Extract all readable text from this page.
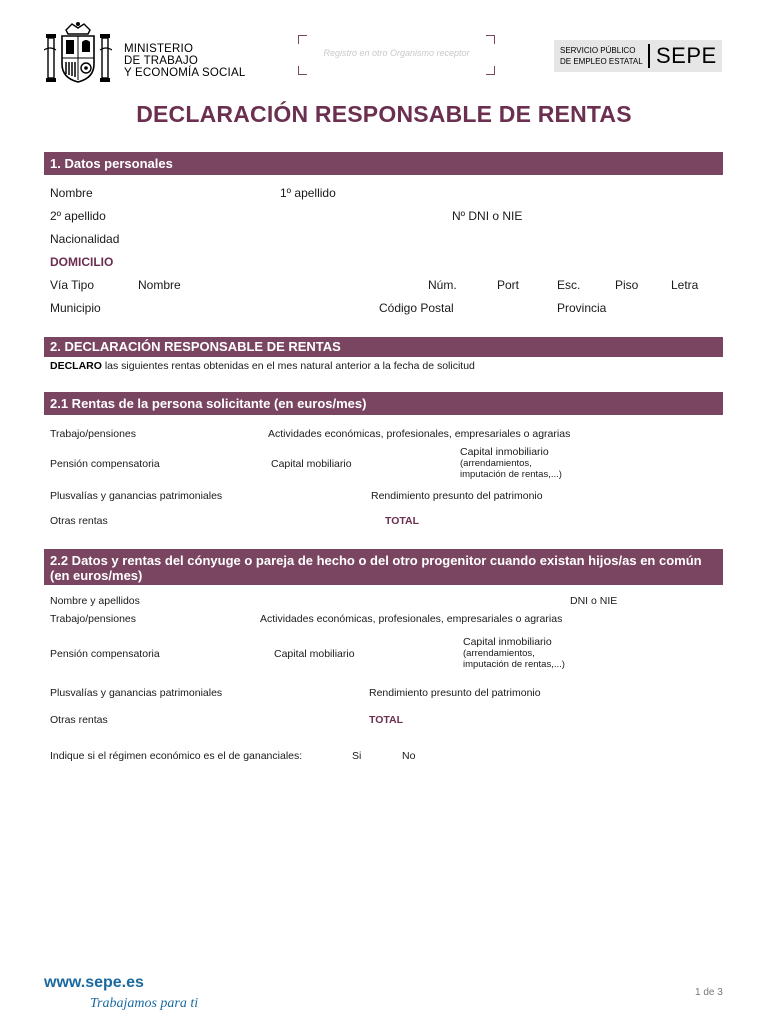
MINISTERIO
DE TRABAJO
Y ECONOMÍA SOCIAL
Registro en otro Organismo receptor	SERVICIO PÚBLICO
DE EMPLEO ESTATAL SEPE
DECLARACIÓN RESPONSABLE DE RENTAS
1. Datos personales
Nombre	1º apellido
2º apellido	Nº DNI o NIE
Nacionalidad
DOMICILIO
Vía Tipo	Nombre	Núm.	Port	Esc.	Piso	Letra
Municipio	Código Postal	Provincia
2. DECLARACIÓN RESPONSABLE DE RENTAS
DECLARO las siguientes rentas obtenidas en el mes natural anterior a la fecha de solicitud
2.1 Rentas de la persona solicitante (en euros/mes)
Trabajo/pensiones	Actividades económicas, profesionales, empresariales o agrarias
Pensión compensatoria	Capital mobiliario
Capital inmobiliario
(arrendamientos,
imputación de rentas,...)
Plusvalías y ganancias patrimoniales	Rendimiento presunto del patrimonio
Otras rentas	TOTAL
2.2 Datos y rentas del cónyuge o pareja de hecho o del otro progenitor cuando existan hijos/as en común (en euros/mes)
Nombre y apellidos	DNI o NIE
Trabajo/pensiones	Actividades económicas, profesionales, empresariales o agrarias
Pensión compensatoria	Capital mobiliario
Capital inmobiliario
(arrendamientos,
imputación de rentas,...)
Plusvalías y ganancias patrimoniales	Rendimiento presunto del patrimonio
Otras rentas	TOTAL
Indique si el régimen económico es el de gananciales:	Si	No
www.sepe.es
Trabajamos para ti
1 de 3
